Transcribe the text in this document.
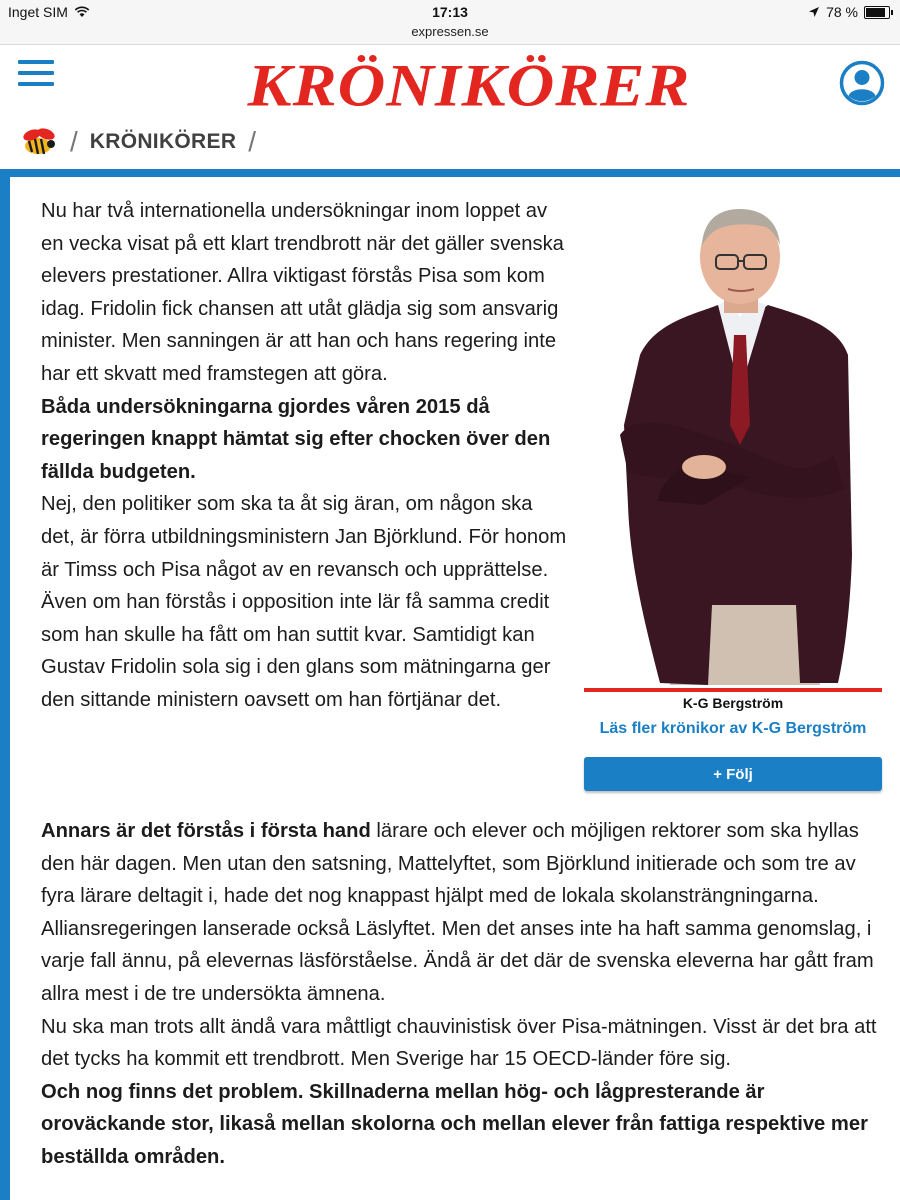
Inget SIM	17:13
expressen.se
78 %
KRÖNIKÖRER
/ KRÖNIKÖRER /

Nu har två internationella undersökningar inom loppet av en vecka visat på ett klart trendbrott när det gäller svenska elevers prestationer. Allra viktigast förstås Pisa som kom idag. Fridolin fick chansen att utåt glädja sig som ansvarig minister. Men sanningen är att han och hans regering inte har ett skvatt med framstegen att göra.

Båda undersökningarna gjordes våren 2015 då regeringen knappt hämtat sig efter chocken över den fällda budgeten.

Nej, den politiker som ska ta åt sig äran, om någon ska det, är förra utbildningsministern Jan Björklund. För honom är Timss och Pisa något av en revansch och upprättelse. Även om han förstås i opposition inte lär få samma credit som han skulle ha fått om han suttit kvar. Samtidigt kan Gustav Fridolin sola sig i den glans som mätningarna ger den sittande ministern oavsett om han förtjänar det.	K-G Bergström
Läs fler krönikor av K-G Bergström
+ Följ

Annars är det förstås i första hand lärare och elever och möjligen rektorer som ska hyllas den här dagen. Men utan den satsning, Mattelyftet, som Björklund initierade och som tre av fyra lärare deltagit i, hade det nog knappast hjälpt med de lokala skolansträngningarna. Alliansregeringen lanserade också Läslyftet. Men det anses inte ha haft samma genomslag, i varje fall ännu, på elevernas läsförståelse. Ändå är det där de svenska eleverna har gått fram allra mest i de tre undersökta ämnena.

Nu ska man trots allt ändå vara måttligt chauvinistisk över Pisa-mätningen. Visst är det bra att det tycks ha kommit ett trendbrott. Men Sverige har 15 OECD-länder före sig.

Och nog finns det problem. Skillnaderna mellan hög- och lågpresterande är oroväckande stor, likaså mellan skolorna och mellan elever från fattiga respektive mer beställda områden.
